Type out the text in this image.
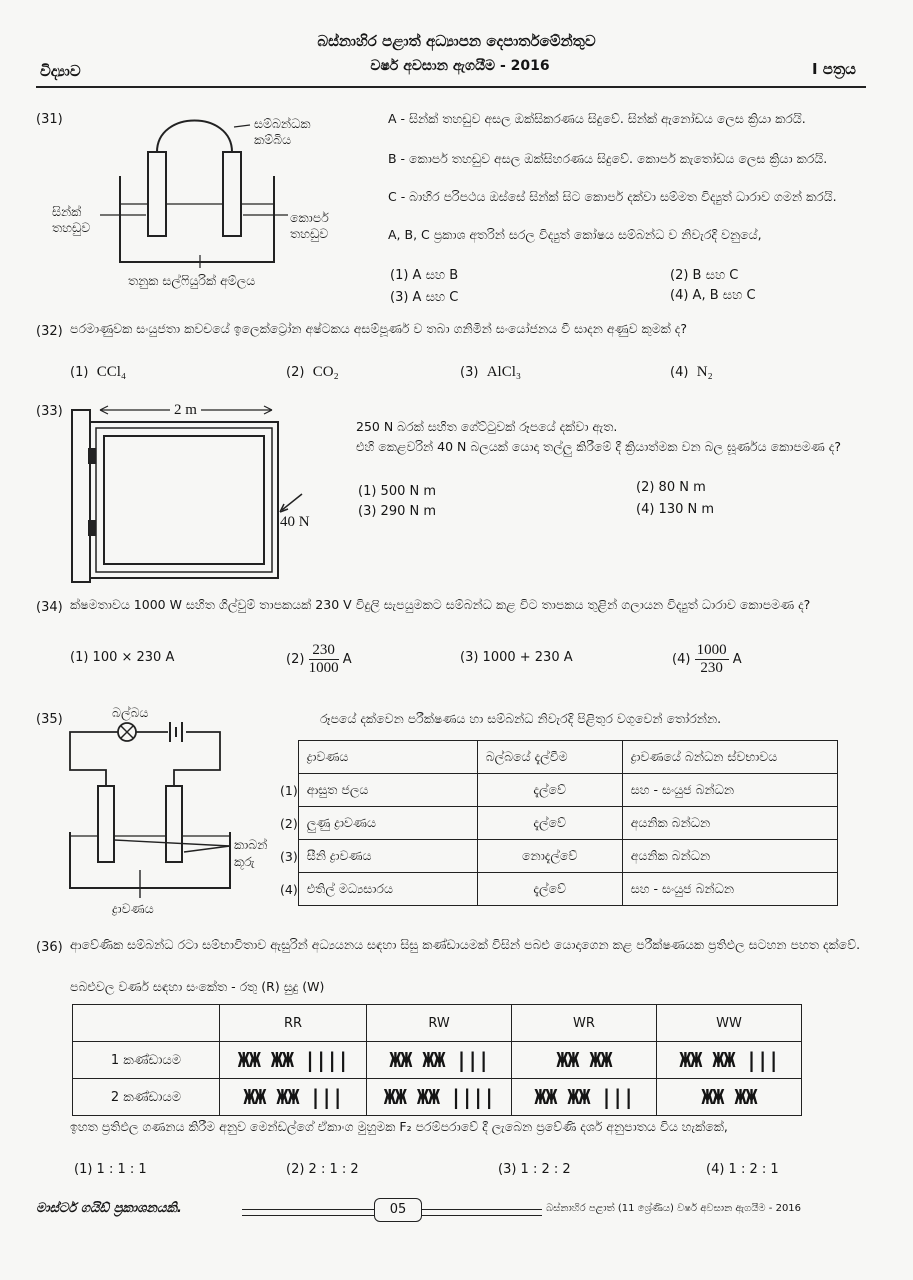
බස්නාහිර පළාත් අධ්‍යාපන දෙපාර්තමේන්තුව
වර්ෂ අවසාන ඇගයීම - 2016
විද්‍යාව	I පත්‍රය
(31)	සම්බන්ධක කම්බිය
සින්ක් තහඩුව
කොපර් තහඩුව
තනුක සල්ෆියුරික් අම්ලය
A - සින්ක් තහඩුව අසල ඔක්සිකරණය සිදුවේ. සින්ක් ඇනෝඩය ලෙස ක්‍රියා කරයි.
B - කොපර් තහඩුව අසල ඔක්සිහරණය සිදුවේ. කොපර් කැතෝඩය ලෙස ක්‍රියා කරයි.
C - බාහිර පරිපථය ඔස්සේ සින්ක් සිට කොපර් දක්වා සම්මත විද්‍යුත් ධාරාව ගමන් කරයි.
A, B, C ප්‍රකාශ අතරින් සරල විද්‍යුත් කෝෂය සම්බන්ධ ව නිවැරදි වනුයේ,
(1) A සහ B	(2) B සහ C
(3) A සහ C	(4) A, B සහ C
(32) පරමාණුවක සංයුජතා කවචයේ ඉලෙක්ට්‍රෝන අෂ්ටකය අසම්පූර්ණ ව තබා ගනිමින් සංයෝජනය වී සාදන අණුව කුමක් ද?
(1) CCl₄	(2) CO₂	(3) AlCl₃	(4) N₂
(33)	2 m
40 N
250 N බරක් සහිත ගේට්ටුවක් රූපයේ දක්වා ඇත.
එහි කෙළවරින් 40 N බලයක් යොදා තල්ලු කිරීමේ දී ක්‍රියාත්මක වන බල ඝූර්ණය කොපමණ ද?
(1) 500 N m	(2) 80 N m
(3) 290 N m	(4) 130 N m
(34) ක්ෂමතාවය 1000 W සහිත ගිල්වුම් තාපකයක් 230 V විදුලි සැපයුමකට සම්බන්ධ කළ විට තාපකය තුළින් ගලායන විද්‍යුත් ධාරාව කොපමණ ද?
(1) 100 × 230 A	$(2) \frac{230}{1000}$ A	(3) 1000 + 230 A	$(4) \frac{1000}{230}$ A
(35)	බල්බය
කාබන් කූරු
ද්‍රාවණය
රූපයේ දක්වෙන පරීක්ෂණය හා සම්බන්ධ නිවැරදි පිළිතුර වගුවෙන් තෝරන්න.
	ද්‍රාවණය	බල්බයේ දැල්වීම	ද්‍රාවණයේ බන්ධන ස්වභාවය
(1)	ආසුත ජලය	දැල්වේ	සහ - සංයුජ බන්ධන
(2)	ලුණු ද්‍රාවණය	දැල්වේ	අයනික බන්ධන
(3)	සීනි ද්‍රාවණය	නොදැල්වේ	අයනික බන්ධන
(4)	එතිල් මධ්‍යසාරය	දැල්වේ	සහ - සංයුජ බන්ධන
(36) ආවේණික සම්බන්ධ රටා සම්භාවිතාව ඇසුරින් අධ්‍යයනය සඳහා සිසු කණ්ඩායමක් විසින් පබළු යොදාගෙන කළ පරීක්ෂණයක ප්‍රතිඵල සටහන පහත දක්වේ.
පබළුවල වර්ණ සඳහා සංකේත - රතු (R) සුදු (W)
	RR	RW	WR	WW
1 කණ්ඩායම	ЖЖ ЖЖ ||||	ЖЖ ЖЖ |||	ЖЖ ЖЖ	ЖЖ ЖЖ |||
2 කණ්ඩායම	ЖЖ ЖЖ |||	ЖЖ ЖЖ ||||	ЖЖ ЖЖ |||	ЖЖ ЖЖ
ඉහත ප්‍රතිඵල ගණනය කිරීම අනුව මෙන්ඩල්ගේ ඒකාංග මුහුමක F₂ පරම්පරාවේ දී ලැබෙන ප්‍රවේණි දර්ශ අනුපාතය විය හැක්කේ,
(1) 1 : 1 : 1	(2) 2 : 1 : 2	(3) 1 : 2 : 2	(4) 1 : 2 : 1
මාස්ටර් ගයිඩ් ප්‍රකාශනයකි.	05	බස්නාහිර පළාත් (11 ශ්‍රේණිය) වර්ෂ අවසාන ඇගයීම - 2016
